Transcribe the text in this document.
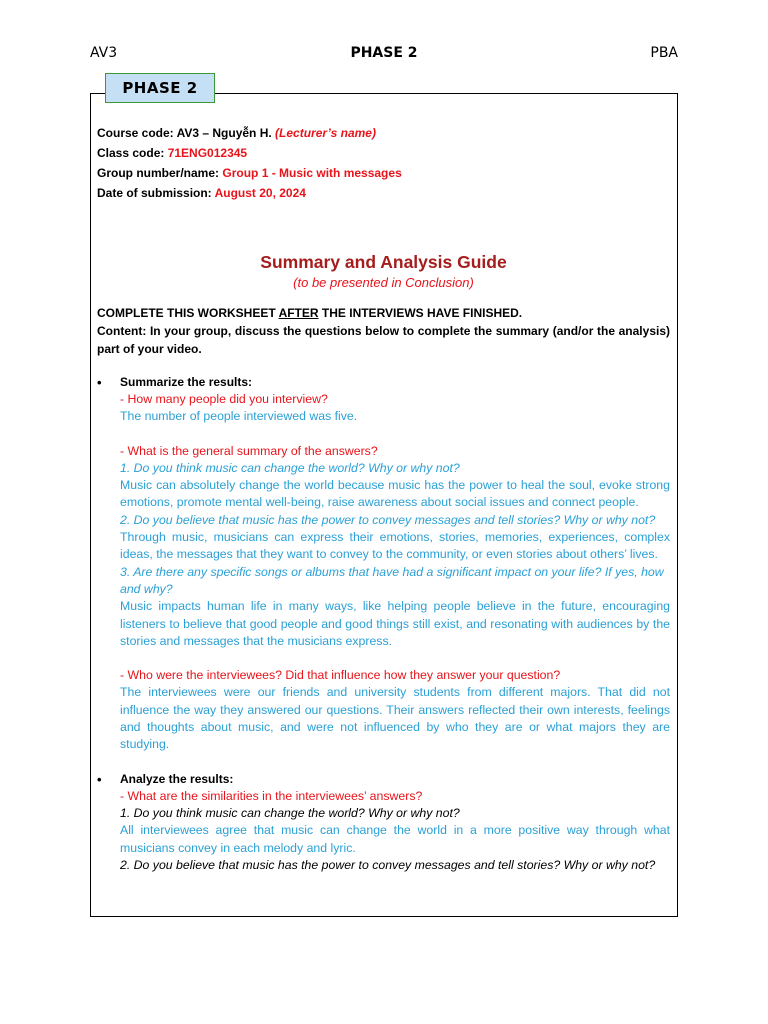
AV3	PHASE 2	PBA
Course code: AV3 – Nguyễn H. (Lecturer’s name)
Class code: 71ENG012345
Group number/name: Group 1 - Music with messages
Date of submission: August 20, 2024
Summary and Analysis Guide
(to be presented in Conclusion)
COMPLETE THIS WORKSHEET AFTER THE INTERVIEWS HAVE FINISHED.
Content: In your group, discuss the questions below to complete the summary (and/or the analysis) part of your video.
• Summarize the results:
- How many people did you interview?
The number of people interviewed was five.
- What is the general summary of the answers?
1. Do you think music can change the world? Why or why not?
Music can absolutely change the world because music has the power to heal the soul, evoke strong emotions, promote mental well-being, raise awareness about social issues and connect people.
2. Do you believe that music has the power to convey messages and tell stories? Why or why not?
Through music, musicians can express their emotions, stories, memories, experiences, complex ideas, the messages that they want to convey to the community, or even stories about others’ lives.
3. Are there any specific songs or albums that have had a significant impact on your life? If yes, how and why?
Music impacts human life in many ways, like helping people believe in the future, encouraging listeners to believe that good people and good things still exist, and resonating with audiences by the stories and messages that the musicians express.
- Who were the interviewees? Did that influence how they answer your question?
The interviewees were our friends and university students from different majors. That did not influence the way they answered our questions. Their answers reflected their own interests, feelings and thoughts about music, and were not influenced by who they are or what majors they are studying.
• Analyze the results:
- What are the similarities in the interviewees’ answers?
1. Do you think music can change the world? Why or why not?
All interviewees agree that music can change the world in a more positive way through what musicians convey in each melody and lyric.
2. Do you believe that music has the power to convey messages and tell stories? Why or why not?
PHASE 2
